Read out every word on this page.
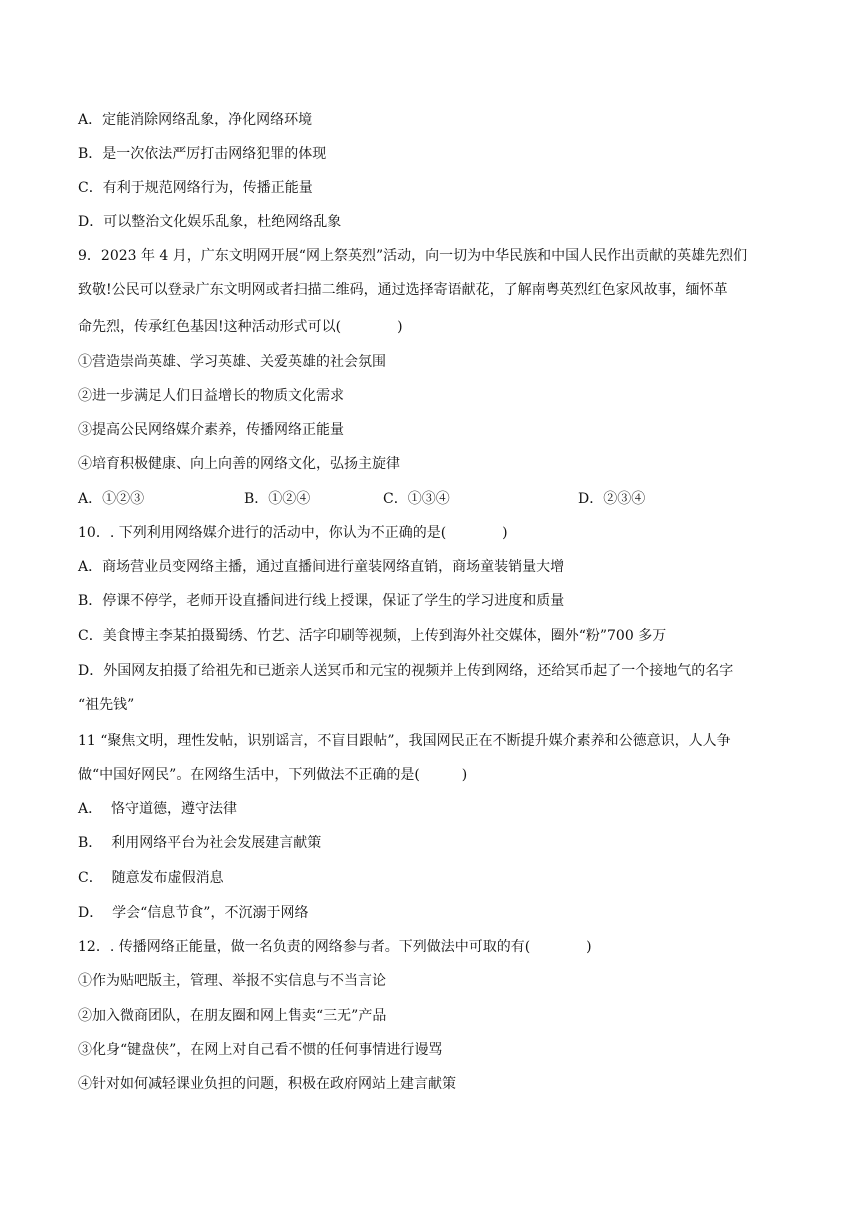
A．定能消除网络乱象，净化网络环境
B．是一次依法严厉打击网络犯罪的体现
C．有利于规范网络行为，传播正能量
D．可以整治文化娱乐乱象，杜绝网络乱象
9．2023 年 4 月，广东文明网开展“网上祭英烈”活动，向一切为中华民族和中国人民作出贡献的英雄先烈们
致敬!公民可以登录广东文明网或者扫描二维码，通过选择寄语献花，了解南粤英烈红色家风故事，缅怀革
命先烈，传承红色基因!这种活动形式可以(　　　　)
①营造崇尚英雄、学习英雄、关爱英雄的社会氛围
②进一步满足人们日益增长的物质文化需求
③提高公民网络媒介素养，传播网络正能量
④培育积极健康、向上向善的网络文化，弘扬主旋律
A．①②③	B．①②④	C．①③④	D．②③④
10．. 下列利用网络媒介进行的活动中，你认为不正确的是(　　　　)
A．商场营业员变网络主播，通过直播间进行童装网络直销，商场童装销量大增
B．停课不停学，老师开设直播间进行线上授课，保证了学生的学习进度和质量
C．美食博主李某拍摄蜀绣、竹艺、活字印刷等视频，上传到海外社交媒体，圈外“粉”700 多万
D．外国网友拍摄了给祖先和已逝亲人送冥币和元宝的视频并上传到网络，还给冥币起了一个接地气的名字
“祖先钱”
11 “聚焦文明，理性发帖，识别谣言，不盲目跟帖”，我国网民正在不断提升媒介素养和公德意识，人人争
做“中国好网民”。在网络生活中，下列做法不正确的是(　　　)
A．  恪守道德，遵守法律
B．  利用网络平台为社会发展建言献策
C．  随意发布虚假消息
D．  学会“信息节食”，不沉溺于网络
12．. 传播网络正能量，做一名负责的网络参与者。下列做法中可取的有(　　　　)
①作为贴吧版主，管理、举报不实信息与不当言论
②加入微商团队，在朋友圈和网上售卖“三无”产品
③化身“键盘侠”，在网上对自己看不惯的任何事情进行谩骂
④针对如何减轻课业负担的问题，积极在政府网站上建言献策
